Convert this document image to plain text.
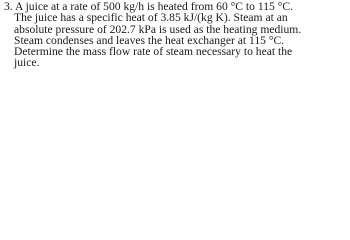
3. A juice at a rate of 500 kg/h is heated from 60 °C to 115 °C.
The juice has a specific heat of 3.85 kJ/(kg K). Steam at an
absolute pressure of 202.7 kPa is used as the heating medium.
Steam condenses and leaves the heat exchanger at 115 °C.
Determine the mass flow rate of steam necessary to heat the
juice.
